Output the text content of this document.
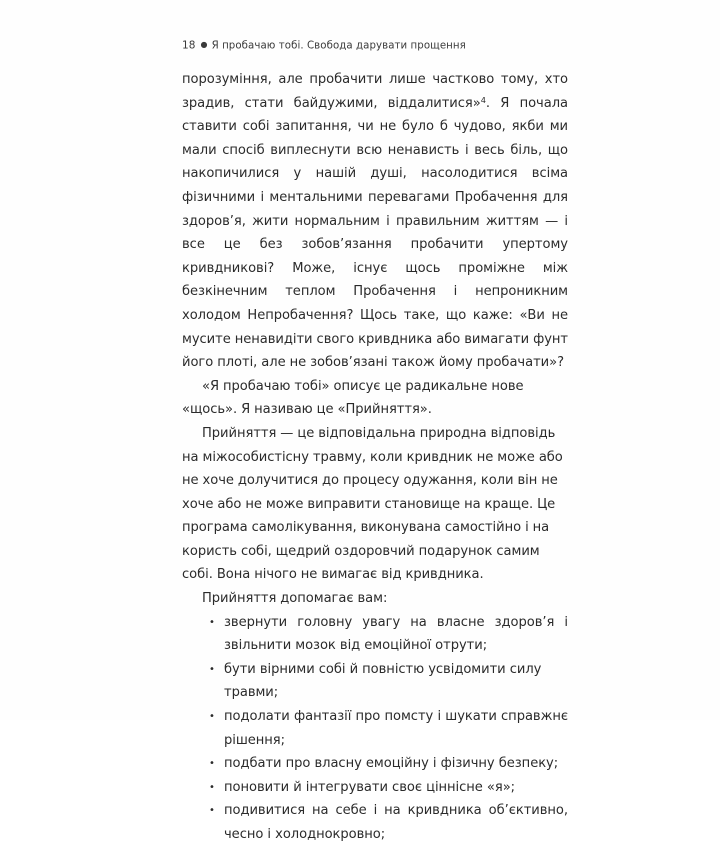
18 ● Я пробачаю тобі. Свобода дарувати прощення

порозуміння, але пробачити лише частково тому, хто зрадив, стати байдужими, віддалитися»$^4$. Я почала ставити собі запитання, чи не було б чудово, якби ми мали спосіб виплеснути всю ненависть і весь біль, що накопичилися у нашій душі, насолодитися всіма фізичними і ментальними перевагами Пробачення для здоров’я, жити нормальним і правильним життям — і все це без зобов’язання пробачити упертому кривдникові? Може, існує щось проміжне між безкінечним теплом Пробачення і непроникним холодом Непробачення? Щось таке, що каже: «Ви не мусите ненавидіти свого кривдника або вимагати фунт його плоті, але не зобов’язані також йому пробачати»?

«Я пробачаю тобі» описує це радикальне нове «щось». Я називаю це «Прийняття».

Прийняття — це відповідальна природна відповідь на міжособистісну травму, коли кривдник не може або не хоче долучитися до процесу одужання, коли він не хоче або не може виправити становище на краще. Це програма самолікування, виконувана самостійно і на користь собі, щедрий оздоровчий подарунок самим собі. Вона нічого не вимагає від кривдника.

Прийняття допомагає вам:

• звернути головну увагу на власне здоров’я і звільнити мозок від емоційної отрути;
• бути вірними собі й повністю усвідомити силу травми;
• подолати фантазії про помсту і шукати справжнє рішення;
• подбати про власну емоційну і фізичну безпеку;
• поновити й інтегрувати своє ціннісне «я»;
• подивитися на себе і на кривдника об’єктивно, чесно і холоднокровно;
